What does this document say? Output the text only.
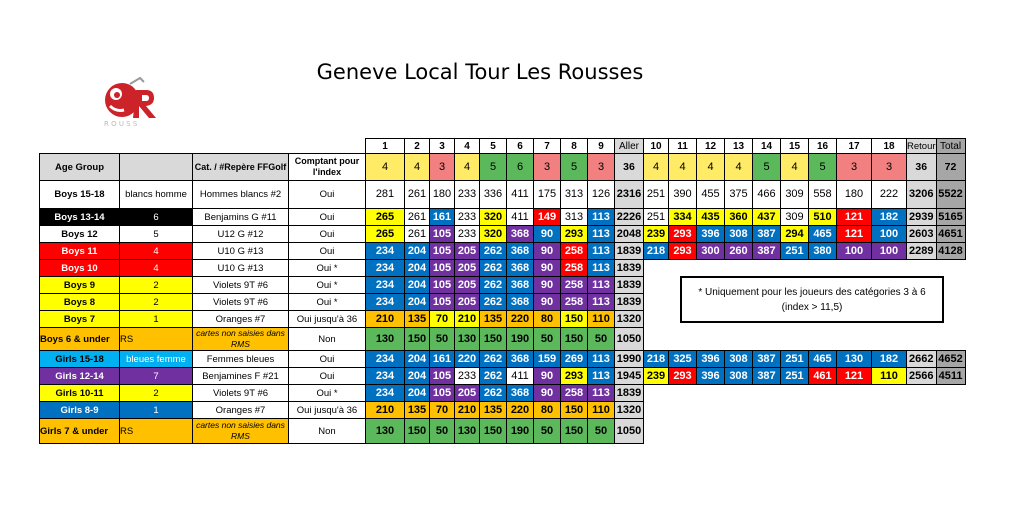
R O U S S
Geneve Local Tour Les Rousses
				1	2	3	4	5	6	7	8	9	Aller	10	11	12	13	14	15	16	17	18	Retour	Total
Age Group		Cat. / #Repère FFGolf	Comptant pour l'index	4	4	3	4	5	6	3	5	3	36	4	4	4	4	5	4	5	3	3	36	72
Boys 15-18	blancs homme	Hommes blancs #2	Oui	281	261	180	233	336	411	175	313	126	2316	251	390	455	375	466	309	558	180	222	3206	5522
Boys 13-14	6	Benjamins G #11	Oui	265	261	161	233	320	411	149	313	113	2226	251	334	435	360	437	309	510	121	182	2939	5165
Boys 12	5	U12 G #12	Oui	265	261	105	233	320	368	90	293	113	2048	239	293	396	308	387	294	465	121	100	2603	4651
Boys 11	4	U10 G #13	Oui	234	204	105	205	262	368	90	258	113	1839	218	293	300	260	387	251	380	100	100	2289	4128
Boys 10	4	U10 G #13	Oui *	234	204	105	205	262	368	90	258	113	1839											
Boys 9	2	Violets 9T #6	Oui *	234	204	105	205	262	368	90	258	113	1839											
Boys 8	2	Violets 9T #6	Oui *	234	204	105	205	262	368	90	258	113	1839											
Boys 7	1	Oranges #7	Oui jusqu'à 36	210	135	70	210	135	220	80	150	110	1320											
Boys 6 & under	RS	cartes non saisies dans RMS	Non	130	150	50	130	150	190	50	150	50	1050											
Girls 15-18	bleues femme	Femmes bleues	Oui	234	204	161	220	262	368	159	269	113	1990	218	325	396	308	387	251	465	130	182	2662	4652
Girls 12-14	7	Benjamines F #21	Oui	234	204	105	233	262	411	90	293	113	1945	239	293	396	308	387	251	461	121	110	2566	4511
Girls 10-11	2	Violets 9T #6	Oui *	234	204	105	205	262	368	90	258	113	1839											
Girls 8-9	1	Oranges #7	Oui jusqu'à 36	210	135	70	210	135	220	80	150	110	1320											
Girls 7 & under	RS	cartes non saisies dans RMS	Non	130	150	50	130	150	190	50	150	50	1050											
* Uniquement pour les joueurs des catégories 3 à 6
(index > 11,5)
